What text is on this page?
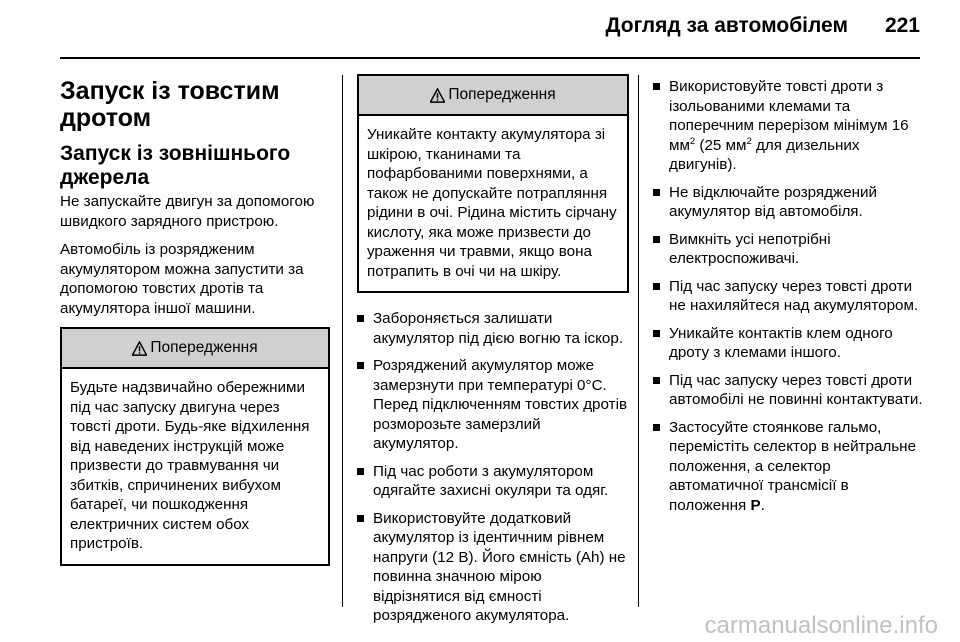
Догляд за автомобілем 221
Запуск із товстим дротом
Запуск із зовнішнього джерела

Не запускайте двигун за допомогою швидкого зарядного пристрою.

Автомобіль із розрядженим акумулятором можна запустити за допомогою товстих дротів та акумулятора іншої машини.

Попередження
Будьте надзвичайно обережними під час запуску двигуна через товсті дроти. Будь-яке відхилення від наведених інструкцій може призвести до травмування чи збитків, спричинених вибухом батареї, чи пошкодження електричних систем обох пристроїв.
Попередження
Уникайте контакту акумулятора зі шкірою, тканинами та пофарбованими поверхнями, а також не допускайте потрапляння рідини в очі. Рідина містить сірчану кислоту, яка може призвести до ураження чи травми, якщо вона потрапить в очі чи на шкіру.
Забороняється залишати акумулятор під дією вогню та іскор.
Розряджений акумулятор може замерзнути при температурі 0°C. Перед підключенням товстих дротів розморозьте замерзлий акумулятор.
Під час роботи з акумулятором одягайте захисні окуляри та одяг.
Використовуйте додатковий акумулятор із ідентичним рівнем напруги (12 В). Його ємність (Ah) не повинна значною мірою відрізнятися від ємності розрядженого акумулятора.
Використовуйте товсті дроти з ізольованими клемами та поперечним перерізом мінімум 16 $мм^2$ (25 $мм^2$ для дизельних двигунів).
Не відключайте розряджений акумулятор від автомобіля.
Вимкніть усі непотрібні електроспоживачі.
Під час запуску через товсті дроти не нахиляйтеся над акумулятором.
Уникайте контактів клем одного дроту з клемами іншого.
Під час запуску через товсті дроти автомобілі не повинні контактувати.
Застосуйте стоянкове гальмо, перемістіть селектор в нейтральне положення, а селектор автоматичної трансмісії в положення P.
carmanualsonline.info
